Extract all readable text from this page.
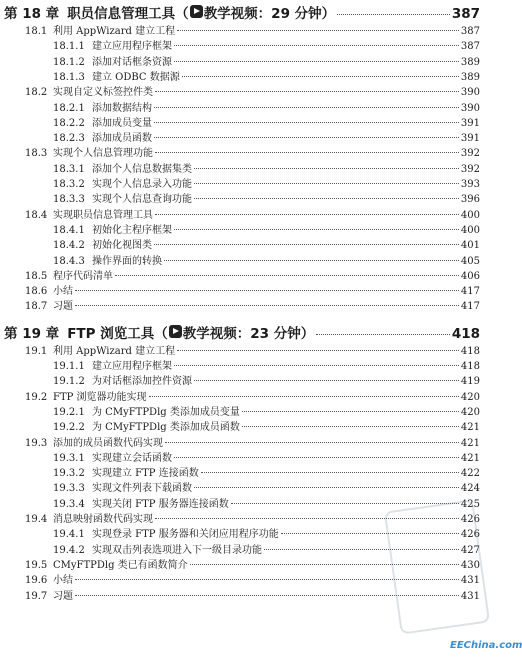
第 18 章 职员信息管理工具（ 教学视频：29 分钟）	387
18.1 利用 AppWizard 建立工程	387
18.1.1 建立应用程序框架	387
18.1.2 添加对话框条资源	389
18.1.3 建立 ODBC 数据源	389
18.2 实现自定义标签控件类	390
18.2.1 添加数据结构	390
18.2.2 添加成员变量	391
18.2.3 添加成员函数	391
18.3 实现个人信息管理功能	392
18.3.1 添加个人信息数据集类	392
18.3.2 实现个人信息录入功能	393
18.3.3 实现个人信息查询功能	396
18.4 实现职员信息管理工具	400
18.4.1 初始化主程序框架	400
18.4.2 初始化视图类	401
18.4.3 操作界面的转换	405
18.5 程序代码清单	406
18.6 小结	417
18.7 习题	417
第 19 章 FTP 浏览工具（ 教学视频：23 分钟）	418
19.1 利用 AppWizard 建立工程	418
19.1.1 建立应用程序框架	418
19.1.2 为对话框添加控件资源	419
19.2 FTP 浏览器功能实现	420
19.2.1 为 CMyFTPDlg 类添加成员变量	420
19.2.2 为 CMyFTPDlg 类添加成员函数	421
19.3 添加的成员函数代码实现	421
19.3.1 实现建立会话函数	421
19.3.2 实现建立 FTP 连接函数	422
19.3.3 实现文件列表下载函数	424
19.3.4 实现关闭 FTP 服务器连接函数	425
19.4 消息映射函数代码实现	426
19.4.1 实现登录 FTP 服务器和关闭应用程序功能	426
19.4.2 实现双击列表选项进入下一级目录功能	427
19.5 CMyFTPDlg 类已有函数简介	430
19.6 小结	431
19.7 习题	431
EEChina.com
